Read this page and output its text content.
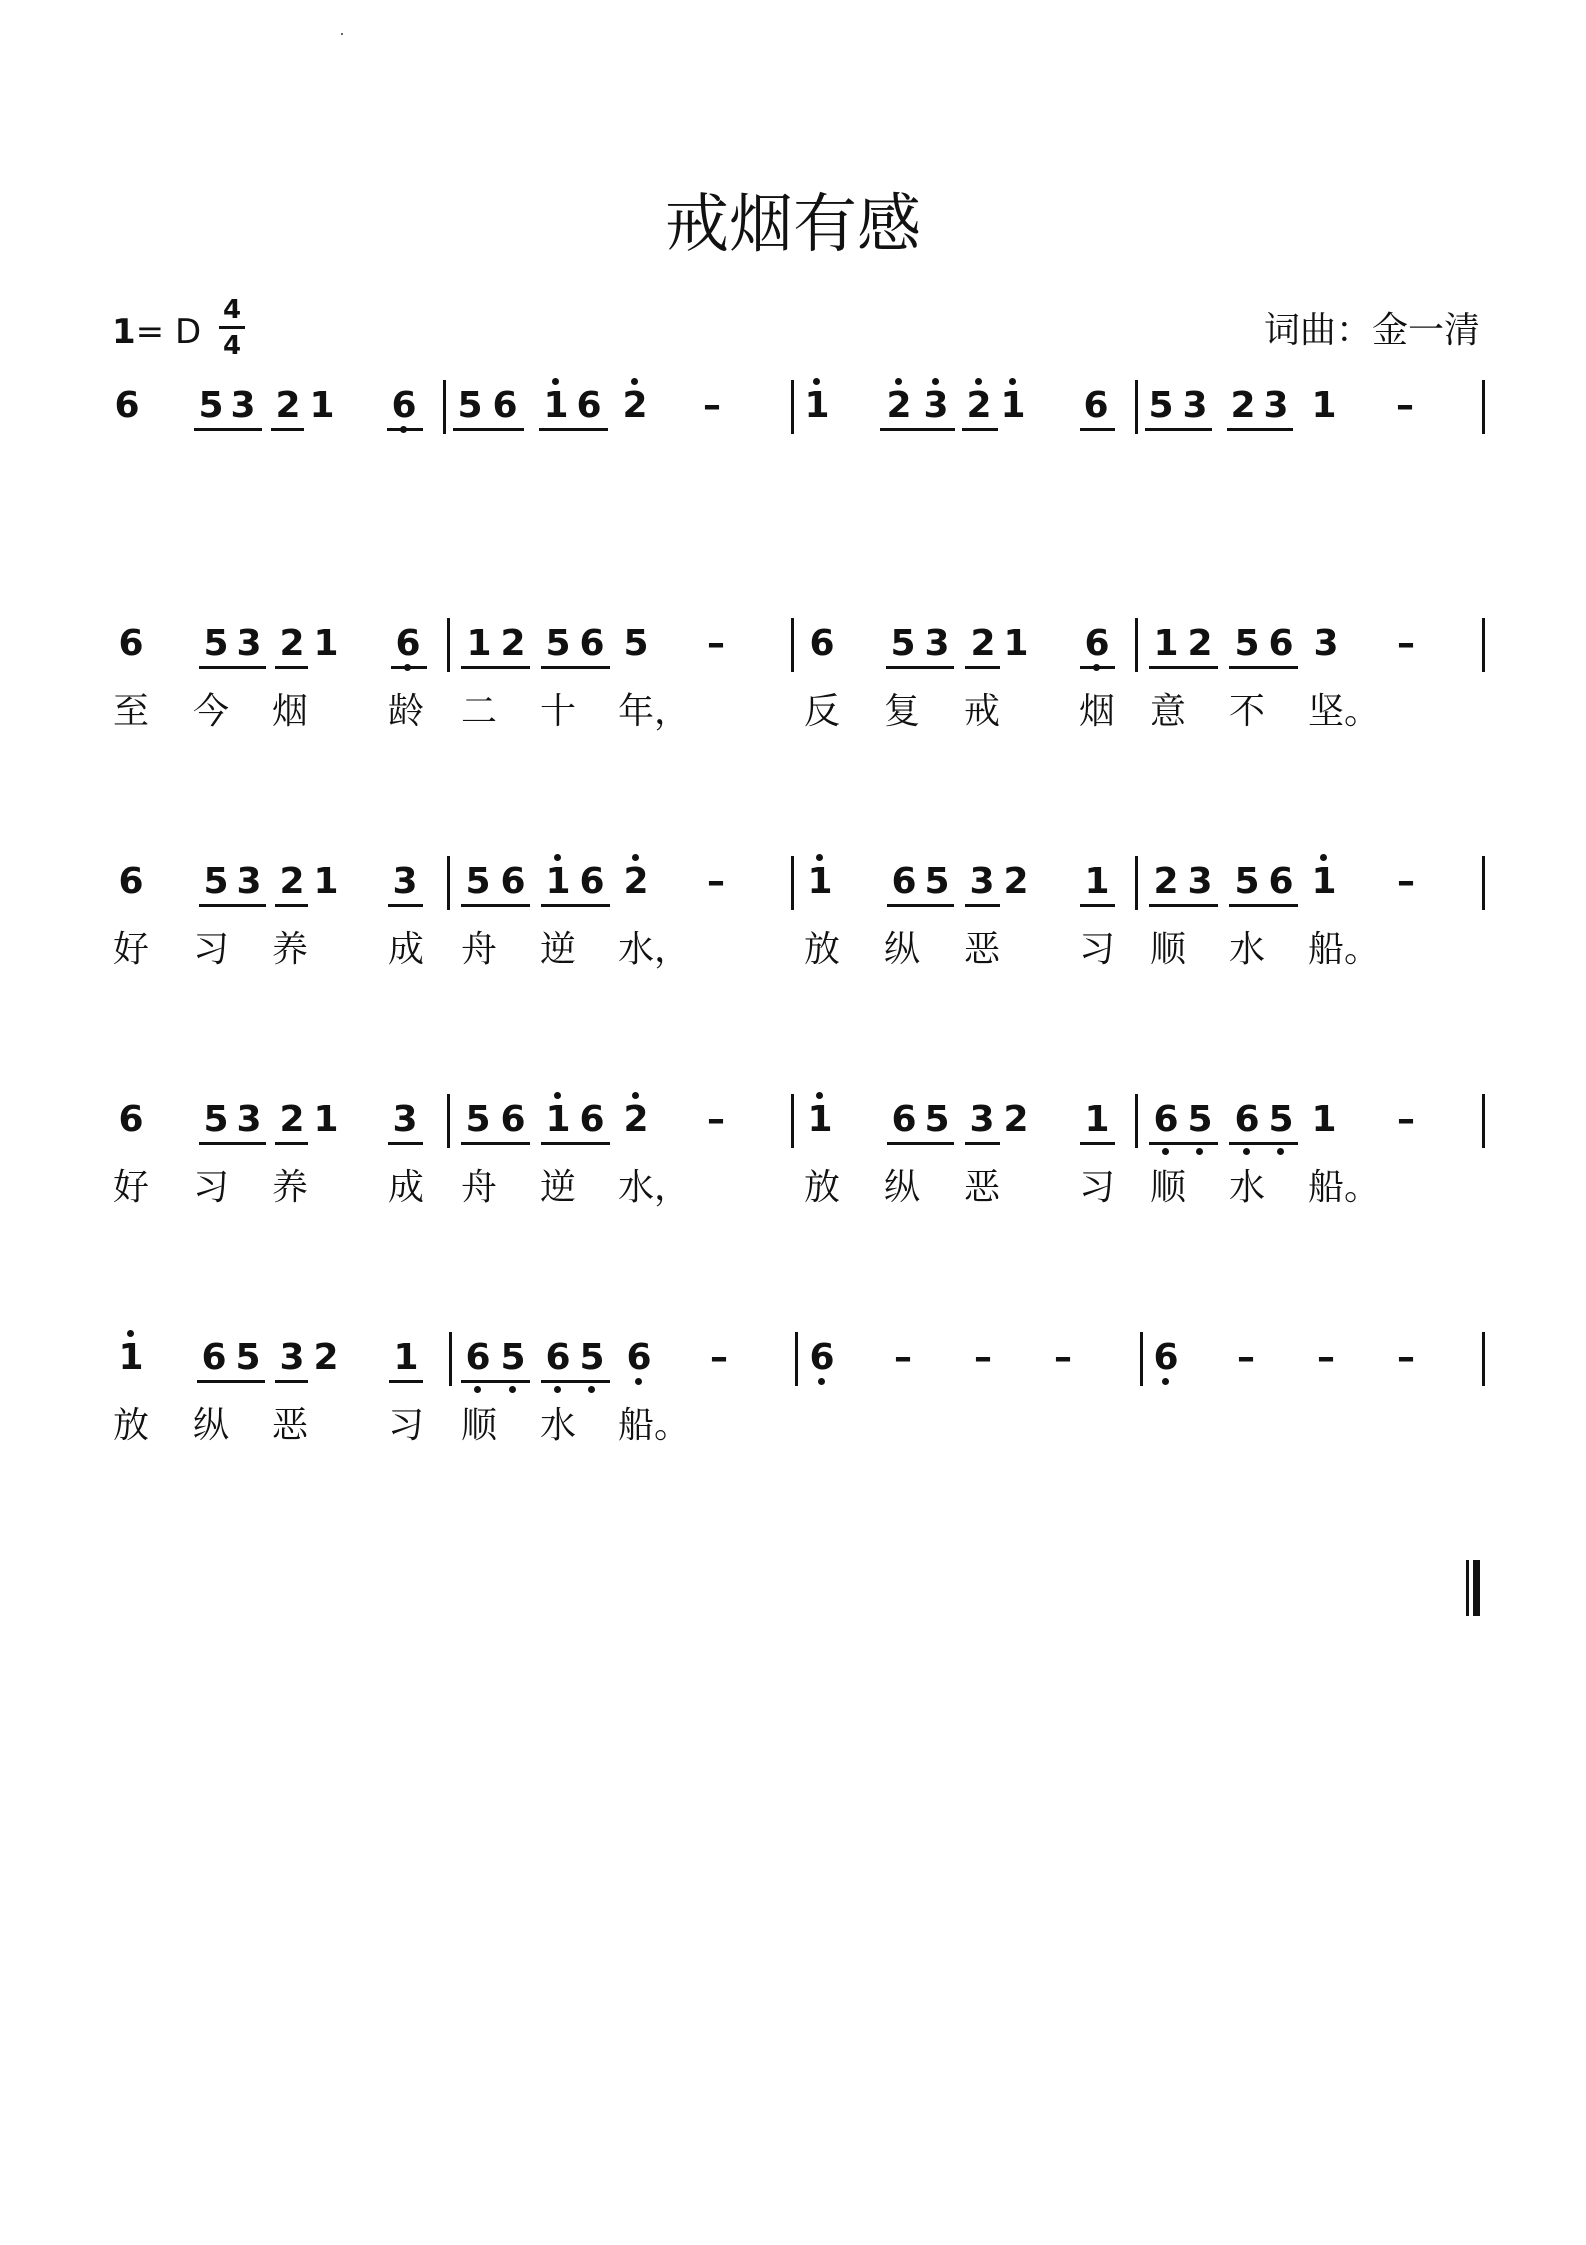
戒烟有感
1= D
4
4	词曲：金一清
6 5 3 2 1 6 5 6 1 6 2	–	1 2 3 2 1 6 5 3 2 3 1	–
6 5 3 2 1 6 1 2 5 6 5	–	6 5 3 2 1 6 1 2 5 6 3	–
至	今	烟	龄	二	十	年，	反	复	戒	烟 意	不	坚。
6 5 3 2 1 3 5 6 1 6 2	–	1 6 5 3 2 1 2 3 5 6 1	–
好	习	养	成	舟	逆	水，	放	纵	恶	习 顺	水	船。
6 5 3 2 1 3 5 6 1 6 2	–	1 6 5 3 2 1 6 5 6 5 1	–
好	习	养	成	舟	逆	水，	放	纵	恶	习 顺	水	船。
1 6 5 3 2 1 6 5 6 5 6	–	6	–	–	–	6	–	–	–
放	纵	恶	习	顺	水	船。
